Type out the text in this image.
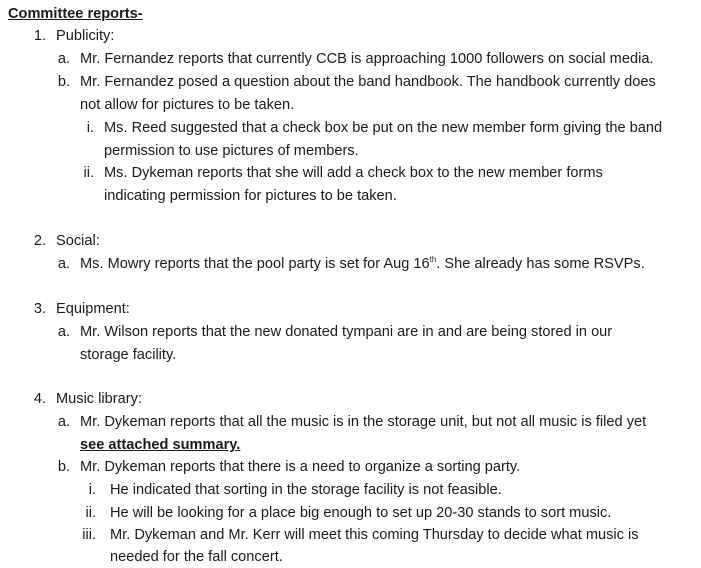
Committee reports-
1. Publicity:
a. Mr. Fernandez reports that currently CCB is approaching 1000 followers on social media.
b. Mr. Fernandez posed a question about the band handbook. The handbook currently does
not allow for pictures to be taken.
i. Ms. Reed suggested that a check box be put on the new member form giving the band
permission to use pictures of members.
ii. Ms. Dykeman reports that she will add a check box to the new member forms
indicating permission for pictures to be taken.
2. Social:
a. Ms. Mowry reports that the pool party is set for Aug 16th. She already has some RSVPs.
3. Equipment:
a. Mr. Wilson reports that the new donated tympani are in and are being stored in our
storage facility.
4. Music library:
a. Mr. Dykeman reports that all the music is in the storage unit, but not all music is filed yet
see attached summary.
b. Mr. Dykeman reports that there is a need to organize a sorting party.
i. He indicated that sorting in the storage facility is not feasible.
ii. He will be looking for a place big enough to set up 20-30 stands to sort music.
iii. Mr. Dykeman and Mr. Kerr will meet this coming Thursday to decide what music is
needed for the fall concert.
